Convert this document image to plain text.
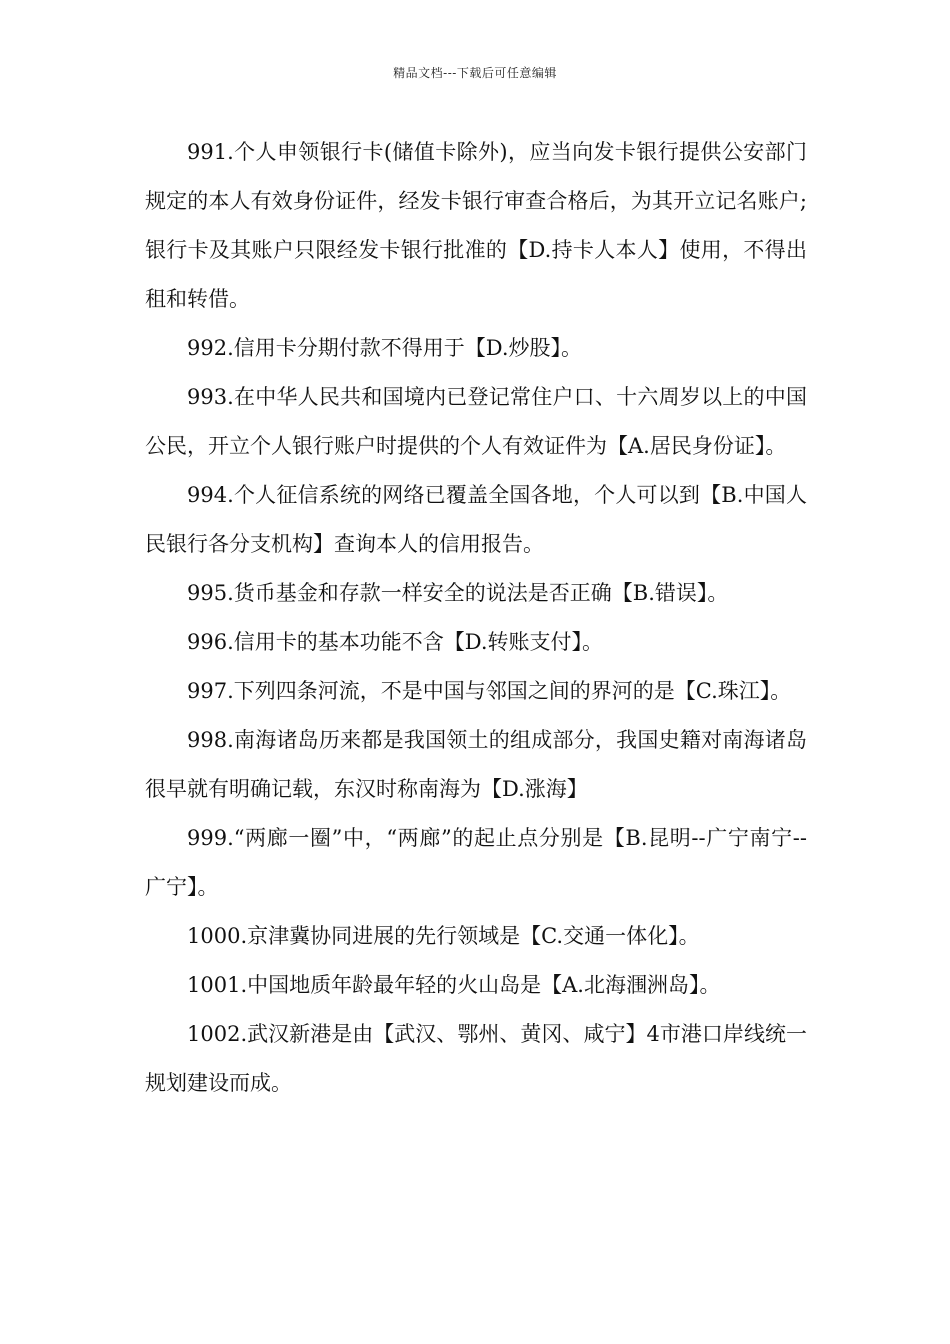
精品文档---下载后可任意编辑

991.个人申领银行卡(储值卡除外)，应当向发卡银行提供公安部门规定的本人有效身份证件，经发卡银行审查合格后，为其开立记名账户;银行卡及其账户只限经发卡银行批准的【D.持卡人本人】使用，不得出租和转借。

992.信用卡分期付款不得用于【D.炒股】。

993.在中华人民共和国境内已登记常住户口、十六周岁以上的中国公民，开立个人银行账户时提供的个人有效证件为【A.居民身份证】。

994.个人征信系统的网络已覆盖全国各地，个人可以到【B.中国人民银行各分支机构】查询本人的信用报告。

995.货币基金和存款一样安全的说法是否正确【B.错误】。

996.信用卡的基本功能不含【D.转账支付】。

997.下列四条河流，不是中国与邻国之间的界河的是【C.珠江】。

998.南海诸岛历来都是我国领土的组成部分，我国史籍对南海诸岛很早就有明确记载，东汉时称南海为【D.涨海】

999.“两廊一圈”中，“两廊”的起止点分别是【B.昆明--广宁南宁--广宁】。

1000.京津冀协同进展的先行领域是【C.交通一体化】。

1001.中国地质年龄最年轻的火山岛是【A.北海涠洲岛】。

1002.武汉新港是由【武汉、鄂州、黄冈、咸宁】4市港口岸线统一规划建设而成。
